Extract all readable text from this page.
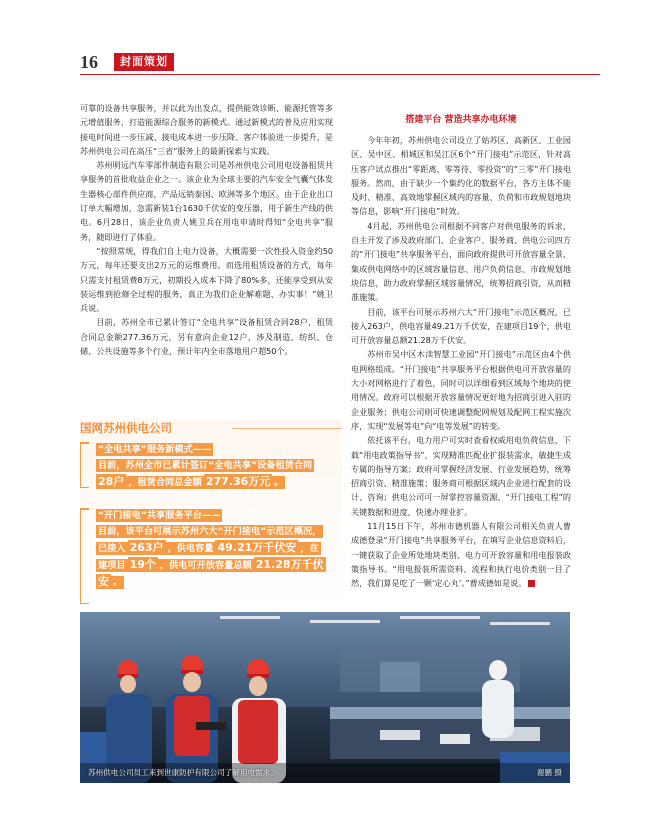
16	封面策划

可靠的设备共享服务，并以此为出发点，提供能效诊断、能源托管等多元增值服务，打造能源综合服务的新模式。通过新模式的普及应用实现接电时间进一步压减、接电成本进一步压降、客户体验进一步提升，是苏州供电公司在高压“三省”服务上的最新探索与实践。

苏州明远汽车零部件制造有限公司是苏州供电公司用电设备租赁共享服务的首批收益企业之一。该企业为全球主要的汽车安全气囊气体发生器核心部件供应商，产品远销泰国、欧洲等多个地区。由于企业出口订单大幅增加，急需新装1台1630千伏安的变压器，用于新生产线的供电。6月28日，该企业负责人姚卫兵在用电申请时得知“全电共享”服务，随即进行了体验。

“按照常规，得我们自上电力设备，大概需要一次性投入资金约50万元，每年还要支出2万元的运维费用。而选用租赁设备的方式，每年只需支付租赁费8万元，初期投入成本下降了80%多，还能享受到从安装运维到抢修全过程的服务，真正为我们企业解难题、办实事！”姚卫兵说。

目前，苏州全市已累计签订“全电共享”设备租赁合同28户，租赁合同总金额277.36万元，另有意向企业12户，涉及制造、纺织、仓储、公共设施等多个行业，预计年内全市落地用户超50个。

国网苏州供电公司
“全电共享”服务新模式——
目前，苏州全市已累计签订“全电共享”设备租赁合同28户 ，租赁合同总金额 277.36万元 。
“开门接电”共享服务平台——
目前，该平台可展示苏州六大“开门接电”示范区概况，已接入 263户 ，供电容量 49.21万千伏安 ，在建项目 19个 ，供电可开放容量总额 21.28万千伏安 。
搭建平台 营造共享办电环境

今年年初，苏州供电公司设立了姑苏区、高新区、工业园区、吴中区、相城区和吴江区6个“开门接电”示范区，针对高压客户试点推出“零距离、零等待、零投资”的“三零”开门接电服务。然而，由于缺少一个集约化的数据平台，各方主体不能及时、精准、高效地掌握区域内的容量、负荷和市政规划地块等信息，影响“开门接电”时效。

4月起，苏州供电公司根据不同客户对供电服务的诉求，自主开发了涉及政府部门、企业客户、服务商、供电公司四方的“开门接电”共享服务平台，面向政府提供可开放容量全景，集成供电网络中的区域容量信息、用户负荷信息、市政规划地块信息，助力政府掌握区域容量情况，统筹招商引资，从而精准施策。

目前，该平台可展示苏州六大“开门接电”示范区概况，已接入263户，供电容量49.21万千伏安，在建项目19个，供电可开放容量总额21.28万千伏安。

苏州市吴中区木渎智慧工业园“开门接电”示范区由4个供电网格组成。“开门接电”共享服务平台根据供电可开放容量的大小对网格进行了着色，同时可以详细看到区域每个地块的使用情况。政府可以根据开放容量情况更好地为招商引进入驻的企业服务；供电公司则可快速调整配网规划及配网工程实施次序，实现“发展等电”向“电等发展”的转变。

依托该平台，电力用户可实时查看权威用电负荷信息，下载“用电政策指导书”，实现精准匹配业扩报装需求，敏捷生成专属的指导方案；政府可掌握经济发展、行业发展趋势，统筹招商引资、精准施策；服务商可根据区域内企业进行配套的设计、咨询；供电公司可一屏掌控容量资源、“开门接电工程”的关键数据和进度，快速办理业扩。

11月15日下午，苏州市德机器人有限公司相关负责人曹成德登录“开门接电”共享服务平台，在填写企业信息资料后，一键获取了企业所处地块类别、电力可开放容量和用电报装政策指导书。“用电报装所需资料、流程和执行电价类别一目了然，我们算是吃了一颗‘定心丸’。”曹成德如是说。

苏州供电公司员工来到世康防护有限公司了解用电需求。	谢鹏 摄
